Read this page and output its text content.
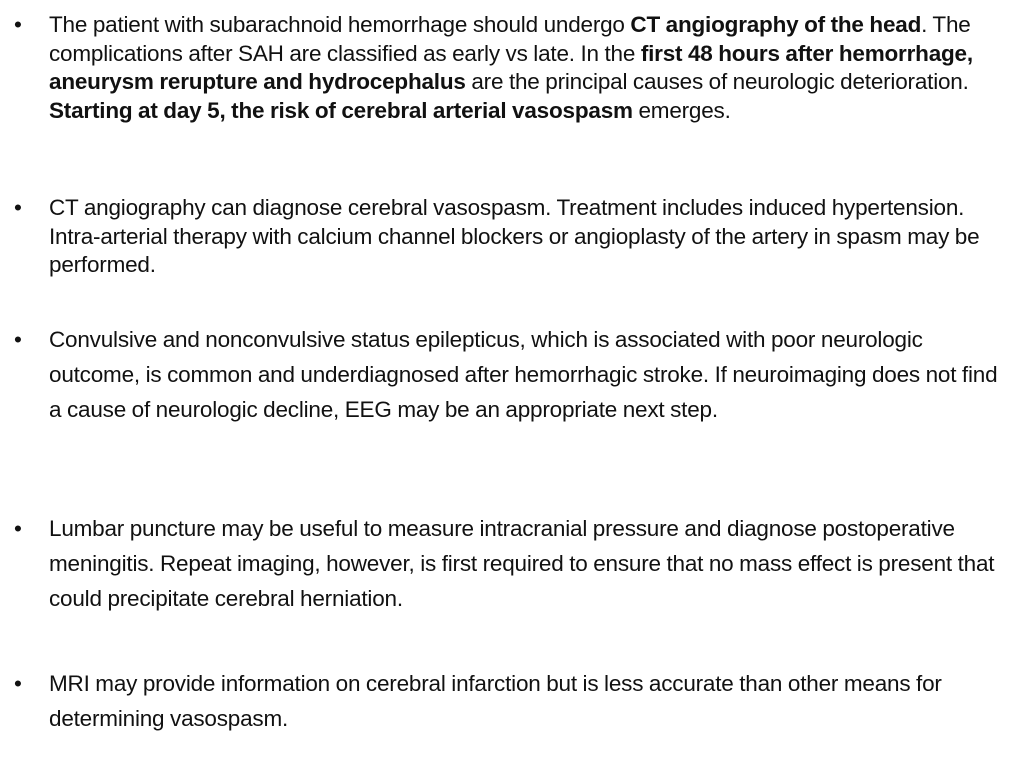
• The patient with subarachnoid hemorrhage should undergo CT angiography of the head. The complications after SAH are classified as early vs late. In the first 48 hours after hemorrhage, aneurysm rerupture and hydrocephalus are the principal causes of neurologic deterioration. Starting at day 5, the risk of cerebral arterial vasospasm emerges.
• CT angiography can diagnose cerebral vasospasm. Treatment includes induced hypertension. Intra-arterial therapy with calcium channel blockers or angioplasty of the artery in spasm may be performed.
• Convulsive and nonconvulsive status epilepticus, which is associated with poor neurologic outcome, is common and underdiagnosed after hemorrhagic stroke. If neuroimaging does not find a cause of neurologic decline, EEG may be an appropriate next step.
• Lumbar puncture may be useful to measure intracranial pressure and diagnose postoperative meningitis. Repeat imaging, however, is first required to ensure that no mass effect is present that could precipitate cerebral herniation.
• MRI may provide information on cerebral infarction but is less accurate than other means for determining vasospasm.
